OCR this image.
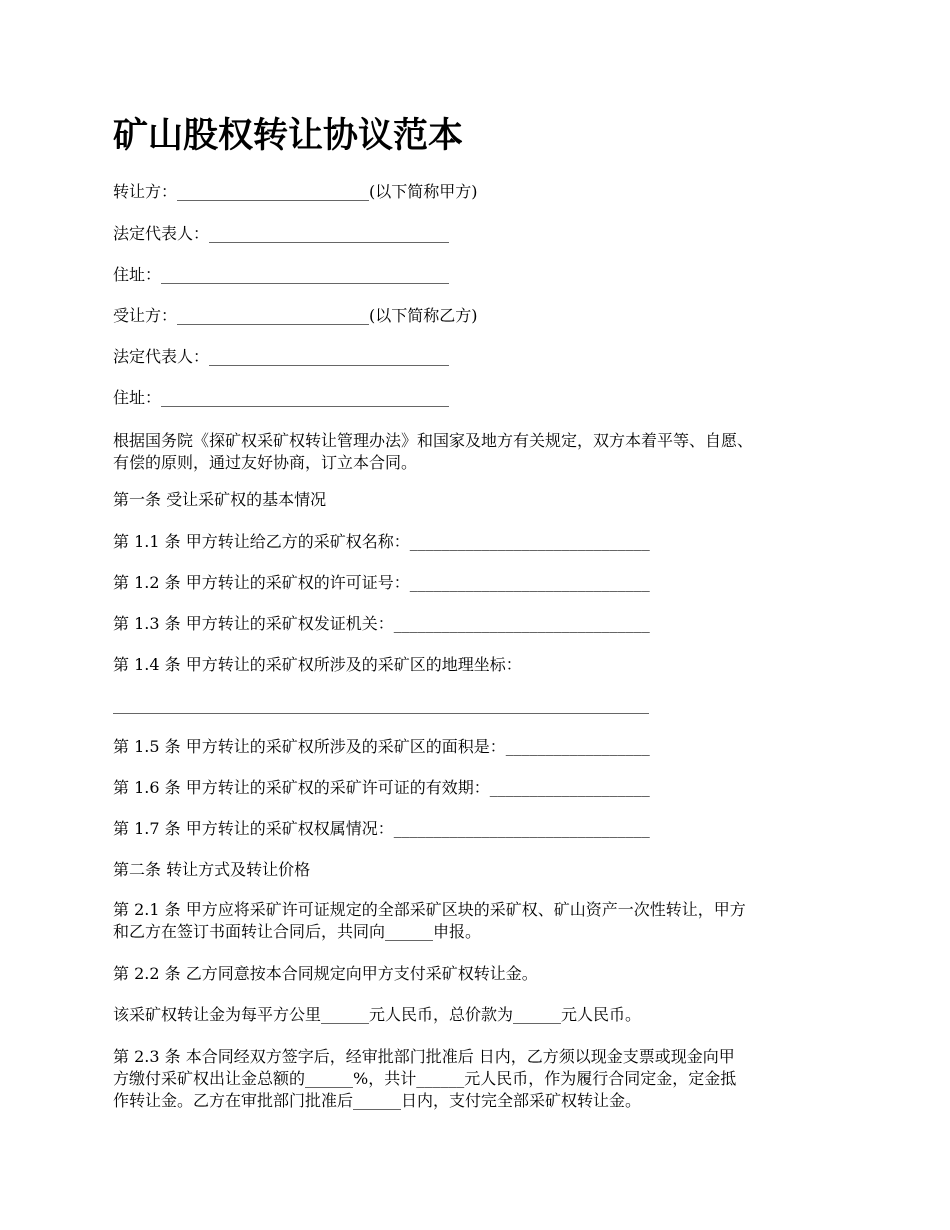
矿山股权转让协议范本

转让方：________________________(以下简称甲方)

法定代表人：______________________________

住址：____________________________________

受让方：________________________(以下简称乙方)

法定代表人：______________________________

住址：____________________________________

根据国务院《探矿权采矿权转让管理办法》和国家及地方有关规定，双方本着平等、自愿、
有偿的原则，通过友好协商，订立本合同。

第一条 受让采矿权的基本情况

第 1.1 条 甲方转让给乙方的采矿权名称：______________________________

第 1.2 条 甲方转让的采矿权的许可证号：______________________________

第 1.3 条 甲方转让的采矿权发证机关：________________________________

第 1.4 条 甲方转让的采矿权所涉及的采矿区的地理坐标：

___________________________________________________________________

第 1.5 条 甲方转让的采矿权所涉及的采矿区的面积是：__________________

第 1.6 条 甲方转让的采矿权的采矿许可证的有效期：____________________

第 1.7 条 甲方转让的采矿权权属情况：________________________________

第二条 转让方式及转让价格

第 2.1 条 甲方应将采矿许可证规定的全部采矿区块的采矿权、矿山资产一次性转让，甲方
和乙方在签订书面转让合同后，共同向______申报。

第 2.2 条 乙方同意按本合同规定向甲方支付采矿权转让金。

该采矿权转让金为每平方公里______元人民币，总价款为______元人民币。

第 2.3 条 本合同经双方签字后，经审批部门批准后 日内，乙方须以现金支票或现金向甲
方缴付采矿权出让金总额的______%，共计______元人民币，作为履行合同定金，定金抵
作转让金。乙方在审批部门批准后______日内，支付完全部采矿权转让金。
